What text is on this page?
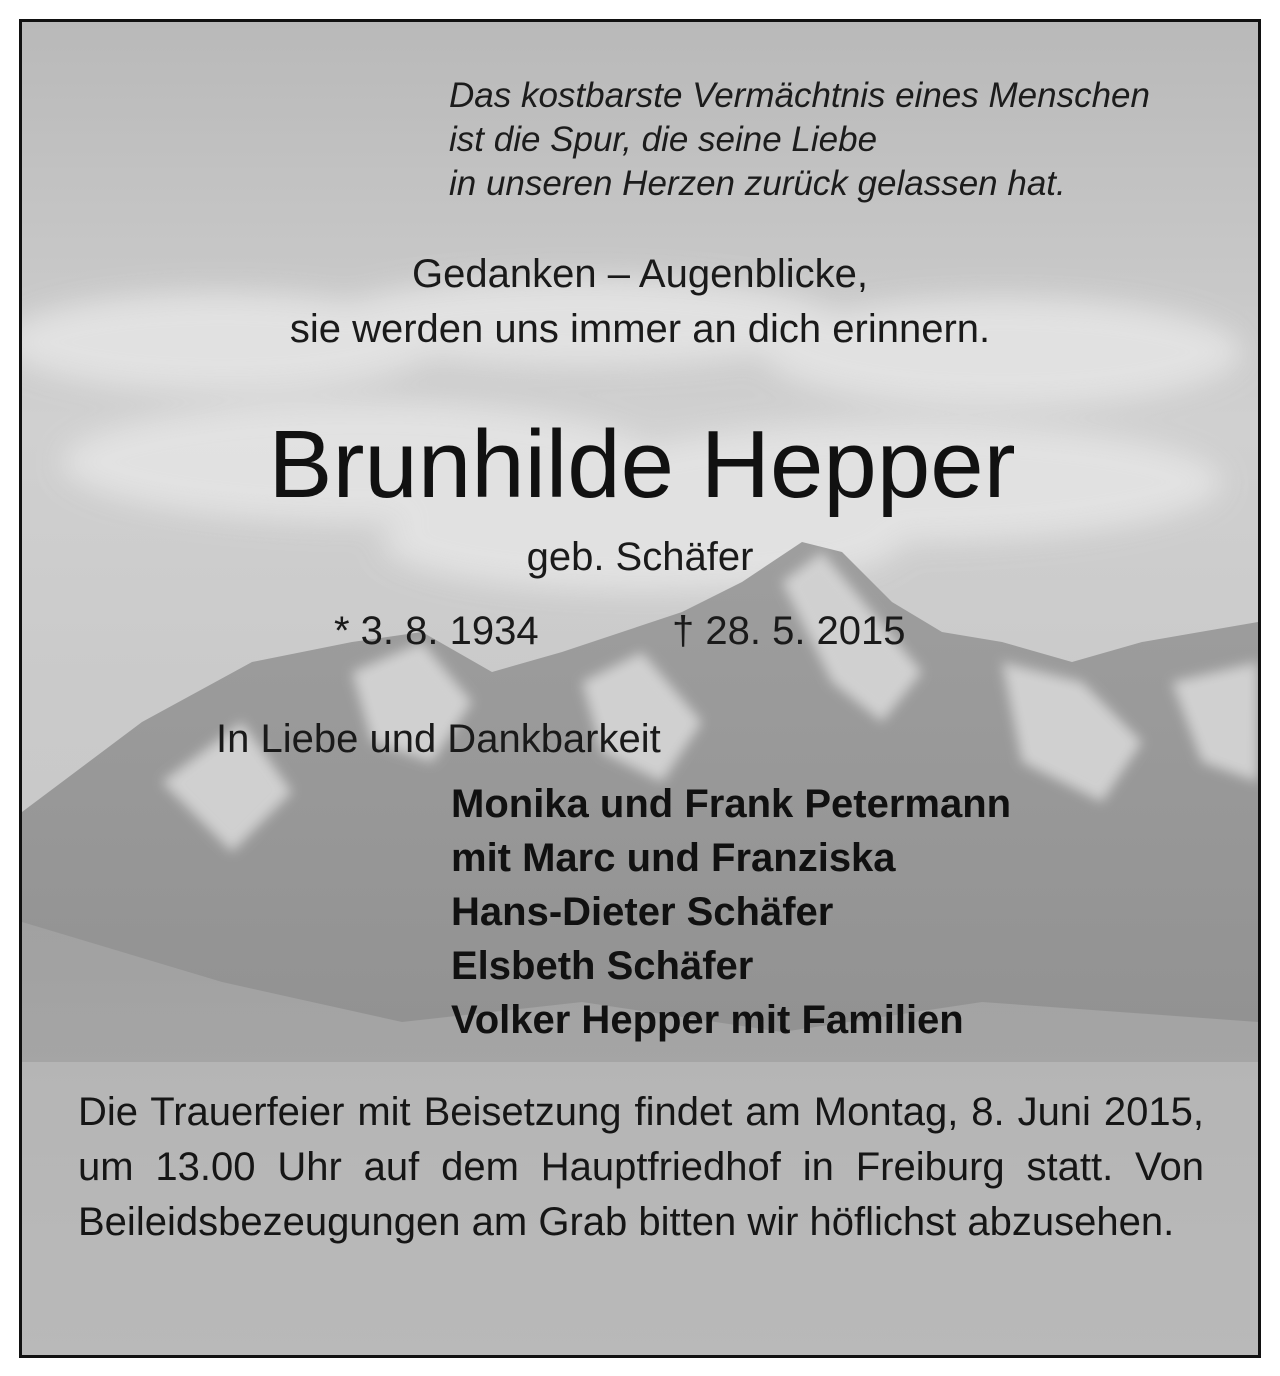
Das kostbarste Vermächtnis eines Menschen
ist die Spur, die seine Liebe
in unseren Herzen zurück gelassen hat.
Gedanken – Augenblicke,
sie werden uns immer an dich erinnern.
Brunhilde Hepper
geb. Schäfer
* 3. 8. 1934	† 28. 5. 2015
In Liebe und Dankbarkeit
Monika und Frank Petermann
mit Marc und Franziska
Hans-Dieter Schäfer
Elsbeth Schäfer
Volker Hepper mit Familien
Die Trauerfeier mit Beisetzung findet am Montag, 8. Juni 2015, um 13.00 Uhr auf dem Hauptfriedhof in Freiburg statt. Von Beileidsbezeugungen am Grab bitten wir höflichst abzusehen.
